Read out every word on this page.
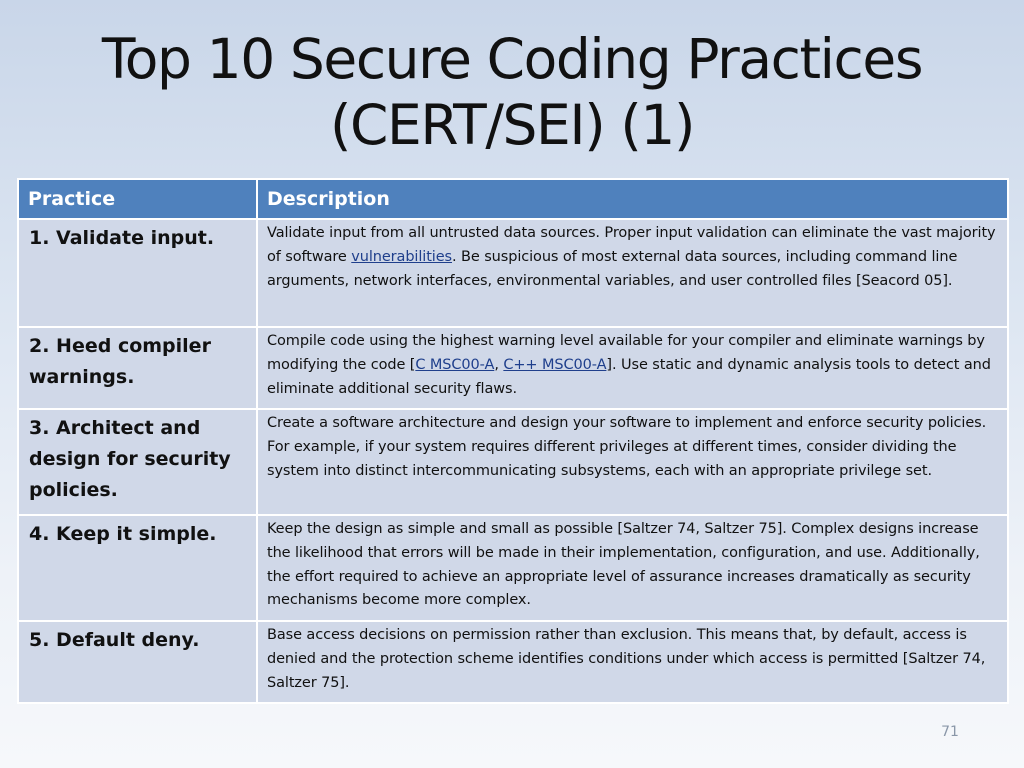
Top 10 Secure Coding Practices
(CERT/SEI) (1)
Practice	Description
1. Validate input.	Validate input from all untrusted data sources. Proper input validation can eliminate the vast majority of software vulnerabilities. Be suspicious of most external data sources, including command line arguments, network interfaces, environmental variables, and user controlled files [Seacord 05].
2. Heed compiler warnings.	Compile code using the highest warning level available for your compiler and eliminate warnings by modifying the code [C MSC00-A, C++ MSC00-A]. Use static and dynamic analysis tools to detect and eliminate additional security flaws.
3. Architect and design for security policies.	Create a software architecture and design your software to implement and enforce security policies. For example, if your system requires different privileges at different times, consider dividing the system into distinct intercommunicating subsystems, each with an appropriate privilege set.
4. Keep it simple.	Keep the design as simple and small as possible [Saltzer 74, Saltzer 75]. Complex designs increase the likelihood that errors will be made in their implementation, configuration, and use. Additionally, the effort required to achieve an appropriate level of assurance increases dramatically as security mechanisms become more complex.
5. Default deny.	Base access decisions on permission rather than exclusion. This means that, by default, access is denied and the protection scheme identifies conditions under which access is permitted [Saltzer 74, Saltzer 75].
71
